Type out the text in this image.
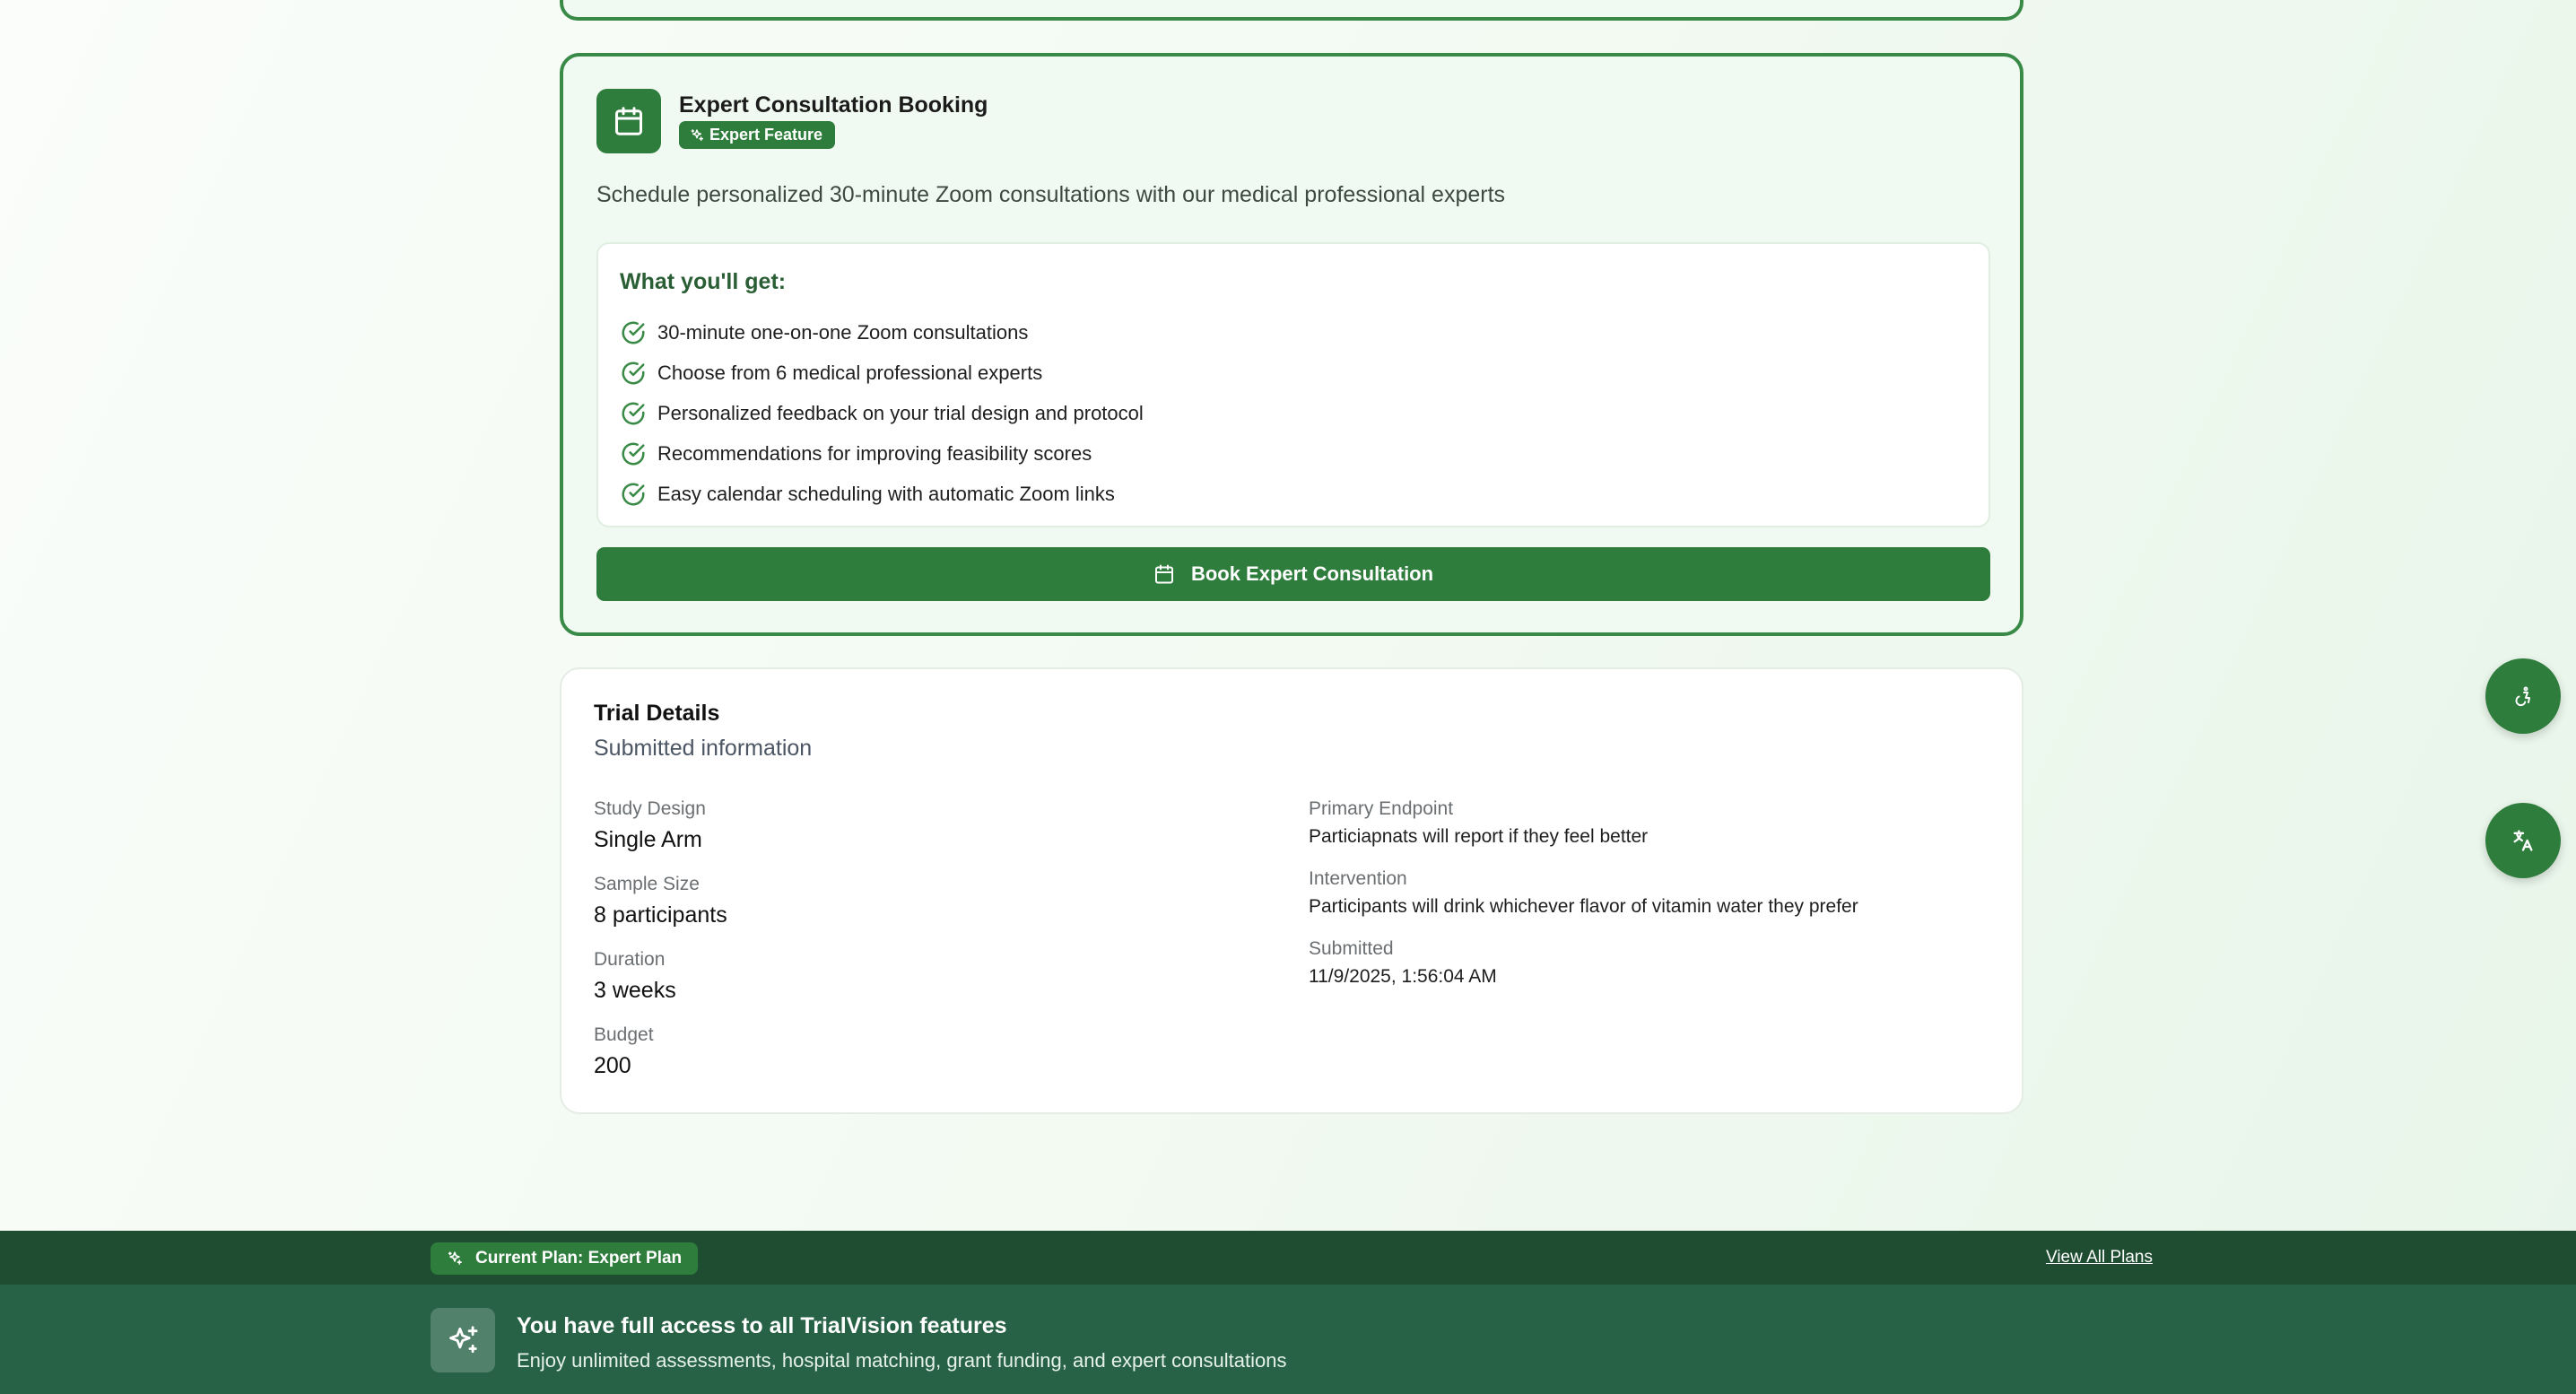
Expert Consultation Booking
Expert Feature

Schedule personalized 30-minute Zoom consultations with our medical professional experts

What you'll get:
30-minute one-on-one Zoom consultations
Choose from 6 medical professional experts
Personalized feedback on your trial design and protocol
Recommendations for improving feasibility scores
Easy calendar scheduling with automatic Zoom links
Book Expert Consultation
Trial Details

Submitted information

Study Design
Single Arm
Sample Size
8 participants
Duration
3 weeks
Budget
200
Primary Endpoint
Particiapnats will report if they feel better
Intervention
Participants will drink whichever flavor of vitamin water they prefer
Submitted
11/9/2025, 1:56:04 AM
Current Plan: Expert Plan	View All Plans
You have full access to all TrialVision features

Enjoy unlimited assessments, hospital matching, grant funding, and expert consultations
